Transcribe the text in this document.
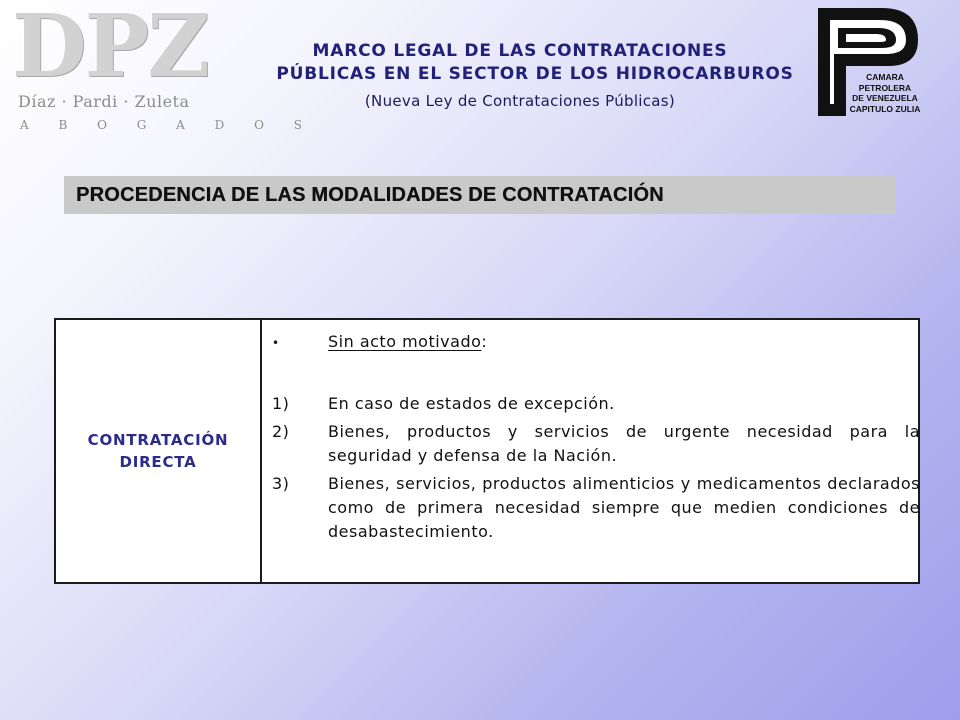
DPZ
Díaz · Pardi · Zuleta
A B O G A D O S
MARCO LEGAL DE LAS CONTRATACIONES
PÚBLICAS EN EL SECTOR DE LOS HIDROCARBUROS
(Nueva Ley de Contrataciones Públicas)
CAMARA
PETROLERA
DE VENEZUELA
CAPITULO ZULIA
PROCEDENCIA DE LAS MODALIDADES DE CONTRATACIÓN
CONTRATACIÓN DIRECTA
•	Sin acto motivado :
1)	En caso de estados de excepción.
2)	Bienes, productos y servicios de urgente necesidad para la seguridad y defensa de la Nación.
3)	Bienes, servicios, productos alimenticios y medicamentos declarados como de primera necesidad siempre que medien condiciones de desabastecimiento.
